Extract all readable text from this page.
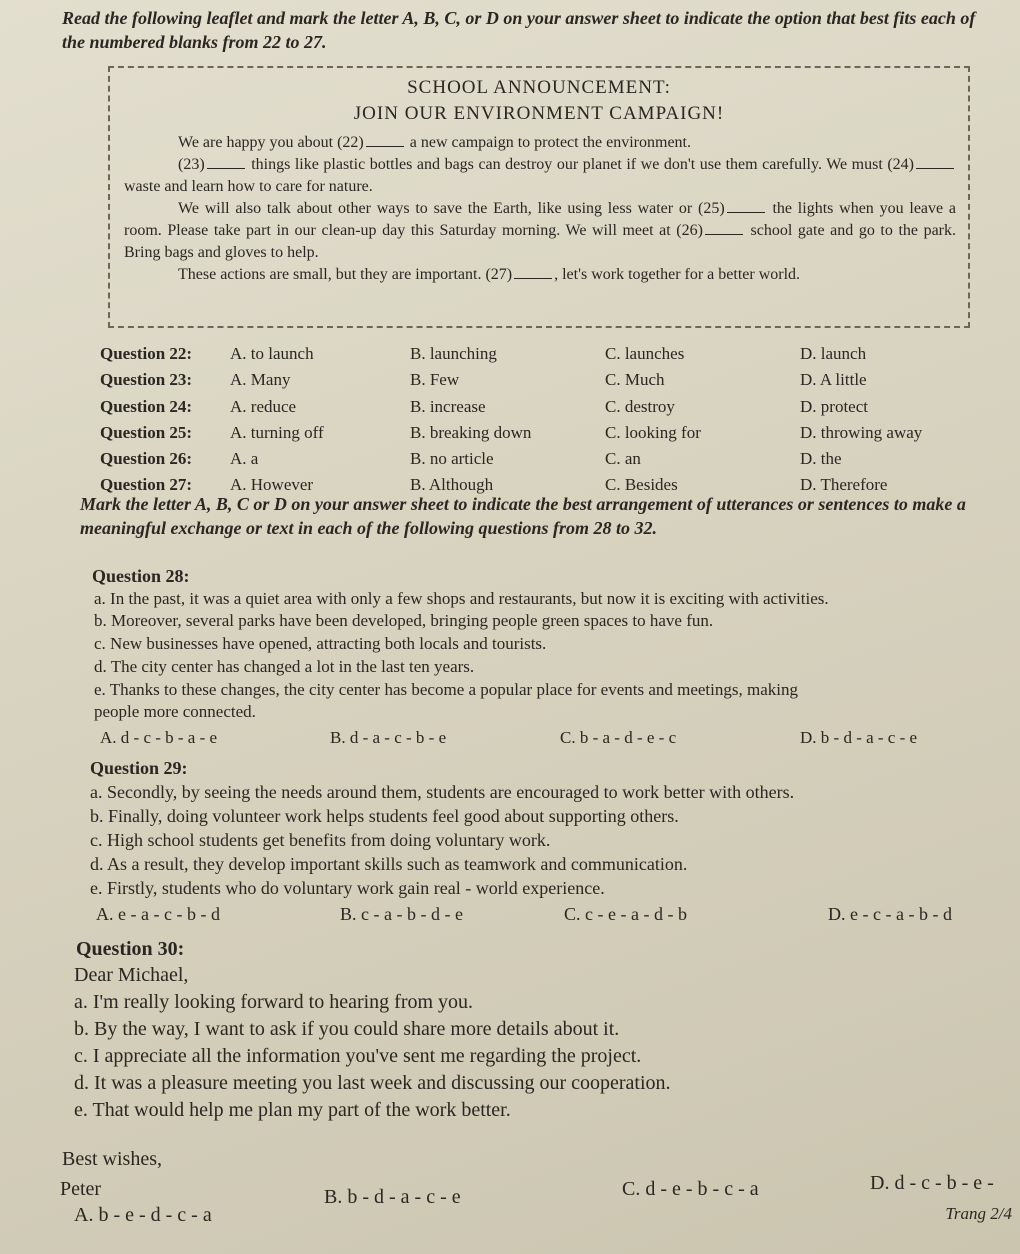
Read the following leaflet and mark the letter A, B, C, or D on your answer sheet to indicate the option that best fits each of the numbered blanks from 22 to 27.
SCHOOL ANNOUNCEMENT:
JOIN OUR ENVIRONMENT CAMPAIGN!
We are happy you about (22)	a new campaign to protect the environment.
(23)	things like plastic bottles and bags can destroy our planet if we don't use them carefully. We must (24) waste and learn how to care for nature.
We will also talk about other ways to save the Earth, like using less water or (25)	the lights when you leave a room. Please take part in our clean-up day this Saturday morning. We will meet at (26)	school gate and go to the park. Bring bags and gloves to help.
These actions are small, but they are important. (27)	, let's work together for a better world.
Question 22: A. to launch	B. launching	C. launches	D. launch
Question 23: A. Many	B. Few	C. Much	D. A little
Question 24: A. reduce	B. increase	C. destroy	D. protect
Question 25: A. turning off	B. breaking down	C. looking for	D. throwing away
Question 26: A. a	B. no article	C. an	D. the
Question 27: A. However	B. Although	C. Besides	D. Therefore
Mark the letter A, B, C or D on your answer sheet to indicate the best arrangement of utterances or sentences to make a meaningful exchange or text in each of the following questions from 28 to 32.
Question 28:
a. In the past, it was a quiet area with only a few shops and restaurants, but now it is exciting with activities.
b. Moreover, several parks have been developed, bringing people green spaces to have fun.
c. New businesses have opened, attracting both locals and tourists.
d. The city center has changed a lot in the last ten years.
e. Thanks to these changes, the city center has become a popular place for events and meetings, making
people more connected.
A. d - c - b - a - e	B. d - a - c - b - e	C. b - a - d - e - c	D. b - d - a - c - e
Question 29:
a. Secondly, by seeing the needs around them, students are encouraged to work better with others.
b. Finally, doing volunteer work helps students feel good about supporting others.
c. High school students get benefits from doing voluntary work.
d. As a result, they develop important skills such as teamwork and communication.
e. Firstly, students who do voluntary work gain real - world experience.
A. e - a - c - b - d	B. c - a - b - d - e	C. c - e - a - d - b	D. e - c - a - b - d
Question 30:
Dear Michael,
a. I'm really looking forward to hearing from you.
b. By the way, I want to ask if you could share more details about it.
c. I appreciate all the information you've sent me regarding the project.
d. It was a pleasure meeting you last week and discussing our cooperation.
e. That would help me plan my part of the work better.
Best wishes,
Peter
A. b - e - d - c - a
B. b - d - a - c - e	C. d - e - b - c - a	D. d - c - b - e -
Trang 2/4
